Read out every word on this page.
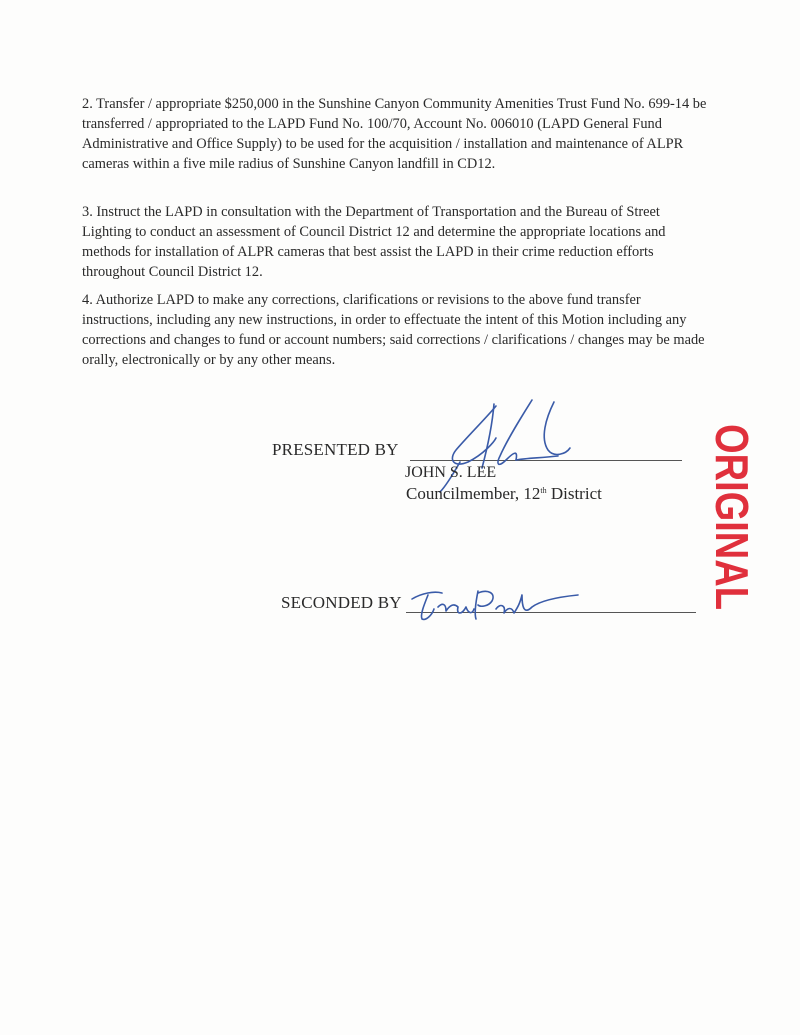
2. Transfer / appropriate $250,000 in the Sunshine Canyon Community Amenities Trust Fund No. 699-14 be transferred / appropriated to the LAPD Fund No. 100/70, Account No. 006010 (LAPD General Fund Administrative and Office Supply) to be used for the acquisition / installation and maintenance of ALPR cameras within a five mile radius of Sunshine Canyon landfill in CD12.

3. Instruct the LAPD in consultation with the Department of Transportation and the Bureau of Street Lighting to conduct an assessment of Council District 12 and determine the appropriate locations and methods for installation of ALPR cameras that best assist the LAPD in their crime reduction efforts throughout Council District 12.

4. Authorize LAPD to make any corrections, clarifications or revisions to the above fund transfer instructions, including any new instructions, in order to effectuate the intent of this Motion including any corrections and changes to fund or account numbers; said corrections / clarifications / changes may be made orally, electronically or by any other means.

PRESENTED BY
JOHN S. LEE
Councilmember, 12th District
SECONDED BY	ORIGINAL
